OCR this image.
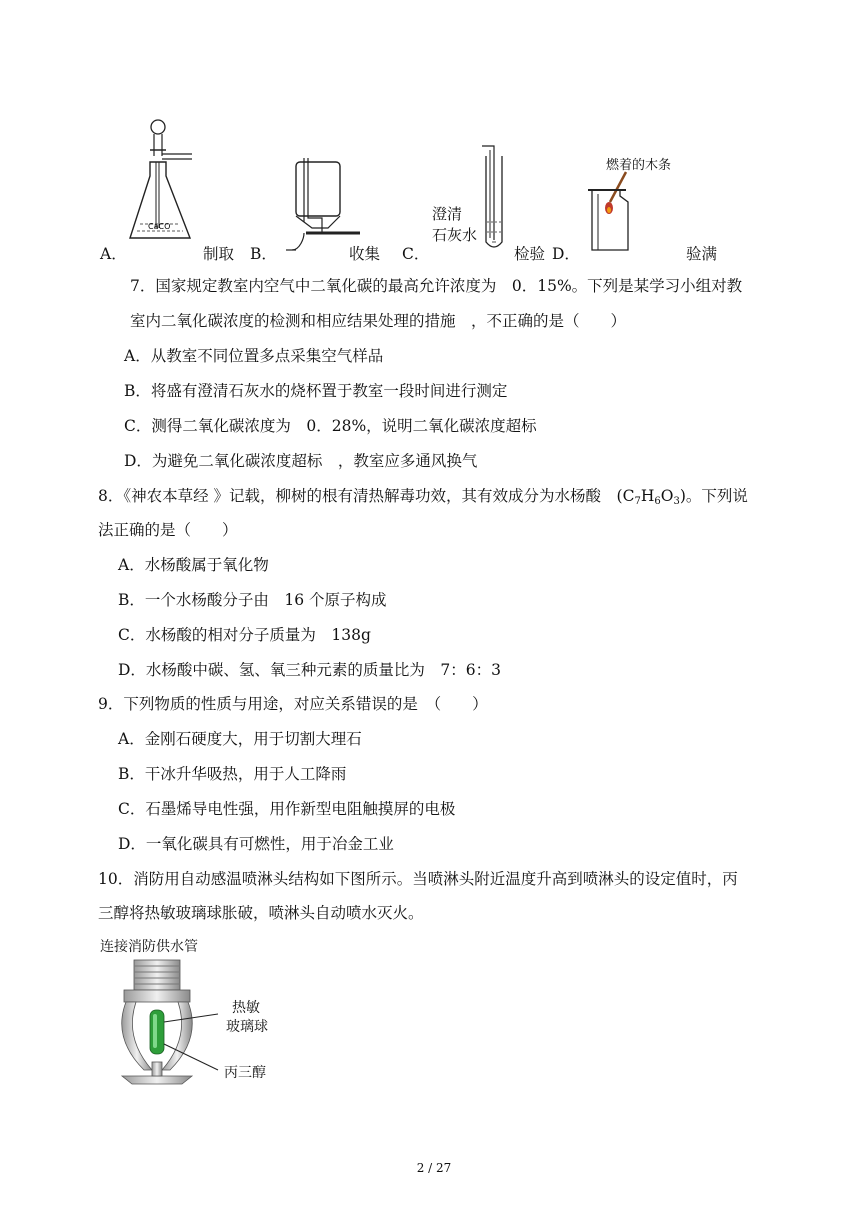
CaCO
A．	制取 B．	收集
澄清
石灰水
C．	检验
燃着的木条
D．	验满
7．国家规定教室内空气中二氧化碳的最高允许浓度为　0．15%。下列是某学习小组对教
室内二氧化碳浓度的检测和相应结果处理的措施　，不正确的是（　　）
A．从教室不同位置多点采集空气样品
B．将盛有澄清石灰水的烧杯置于教室一段时间进行测定
C．测得二氧化碳浓度为　0．28%，说明二氧化碳浓度超标
D．为避免二氧化碳浓度超标　，教室应多通风换气
8．《神农本草经 》记载，柳树的根有清热解毒功效，其有效成分为水杨酸　$(C_7H_6O_3)$。下列说
法正确的是（　　）
A．水杨酸属于氧化物
B．一个水杨酸分子由　16 个原子构成
C．水杨酸的相对分子质量为　138g
D．水杨酸中碳、氢、氧三种元素的质量比为　7：6：3
9．下列物质的性质与用途，对应关系错误的是　（　　）
A．金刚石硬度大，用于切割大理石
B．干冰升华吸热，用于人工降雨
C．石墨烯导电性强，用作新型电阻触摸屏的电极
D．一氧化碳具有可燃性，用于冶金工业
10．消防用自动感温喷淋头结构如下图所示。当喷淋头附近温度升高到喷淋头的设定值时，丙
三醇将热敏玻璃球胀破，喷淋头自动喷水灭火。
连接消防供水管
热敏
玻璃球
丙三醇
2 / 27
